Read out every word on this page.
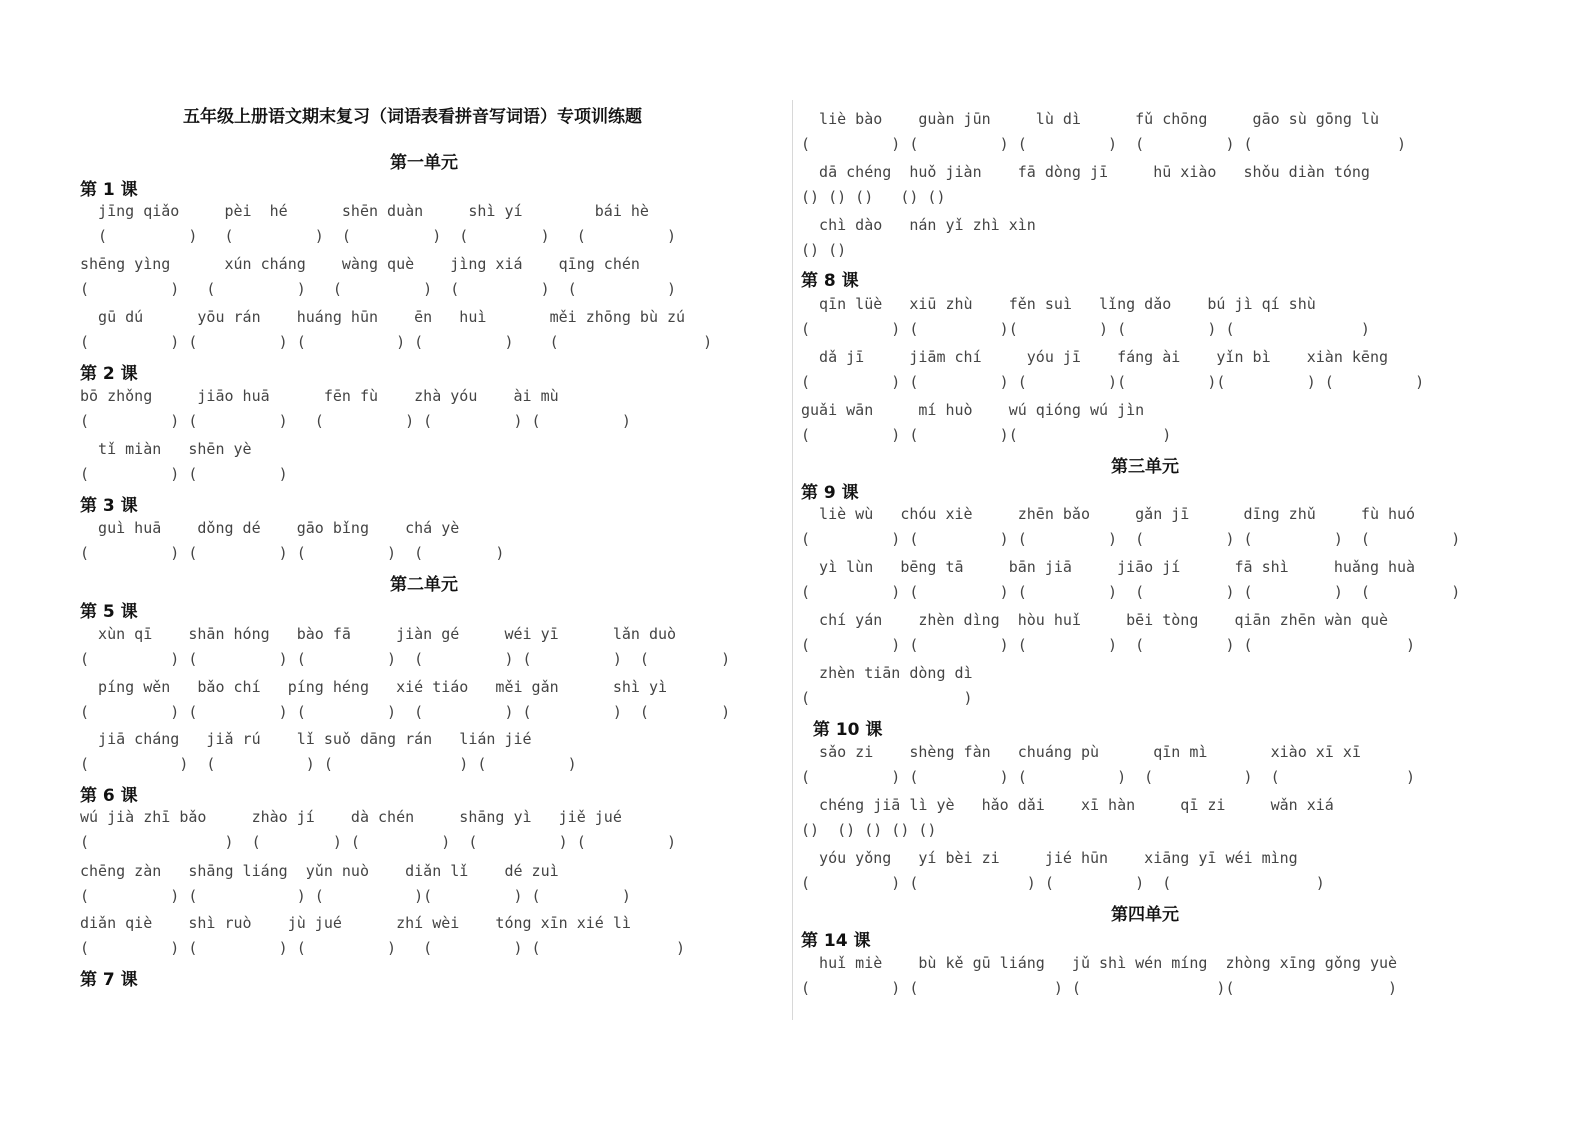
五年级上册语文期末复习（词语表看拼音写词语）专项训练题
第一单元
第 1 课
jīng qiǎo     pèi  hé      shēn duàn     shì yí        bái hè
(         )   (         )  (         )  (        )   (         )
shēng yìng      xún cháng    wàng què    jìng xiá    qīng chén
(         )   (         )   (         )  (         )  (          )
gū dú      yōu rán    huáng hūn    ēn   huì       měi zhōng bù zú
(         ) (         ) (          ) (         )    (                )
第 2 课
bō zhǒng     jiāo huā      fēn fù    zhà yóu    ài mù
(         ) (         )   (         ) (         ) (         )
tǐ miàn   shēn yè
(         ) (         )
第 3 课
guì huā    dǒng dé    gāo bǐng    chá yè
(         ) (         ) (         )  (        )
第二单元
第 5 课
xùn qī    shān hóng   bào fā     jiàn gé     wéi yī      lǎn duò
(         ) (         ) (         )  (         ) (         )  (        )
píng wěn   bǎo chí   píng héng   xié tiáo   měi gǎn      shì yì
(         ) (         ) (         )  (         ) (         )  (        )
jiā cháng   jiǎ rú    lǐ suǒ dāng rán   lián jié
(          )  (          ) (              ) (         )
第 6 课
wú jià zhī bǎo     zhào jí    dà chén     shāng yì   jiě jué
(               )  (        ) (         )  (         ) (         )
chēng zàn   shāng liáng  yǔn nuò    diǎn lǐ    dé zuì
(         ) (           ) (          )(         ) (         )
diǎn qiè    shì ruò    jù jué      zhí wèi    tóng xīn xié lì
(         ) (         ) (         )   (         ) (               )
第 7 课
liè bào    guàn jūn     lù dì      fǔ chōng     gāo sù gōng lù
(         ) (         ) (         )  (         ) (                )
dā chéng  huǒ jiàn    fā dòng jī     hū xiào   shǒu diàn tóng
() () ()   () ()
chì dào   nán yǐ zhì xìn
() ()
第 8 课
qīn lüè   xiū zhù    fěn suì   lǐng dǎo    bú jì qí shù
(         ) (         )(         ) (         ) (              )
dǎ jī     jiām chí     yóu jī    fáng ài    yǐn bì    xiàn kēng
(         ) (         ) (         )(         )(         ) (         )
guǎi wān     mí huò    wú qióng wú jìn
(         ) (         )(                )
第三单元
第 9 课
liè wù   chóu xiè     zhēn bǎo     gǎn jī      dīng zhǔ     fù huó
(         ) (         ) (         )  (         ) (         )  (         )
yì lùn   bēng tā     bān jiā     jiāo jí      fā shì     huǎng huà
(         ) (         ) (         )  (         ) (         )  (         )
chí yán    zhèn dìng  hòu huǐ     bēi tòng    qiān zhēn wàn què
(         ) (         ) (         )  (         ) (                 )
zhèn tiān dòng dì
(                 )
第 10 课
sǎo zi    shèng fàn   chuáng pù      qīn mì       xiào xī xī
(         ) (         ) (          )  (          )  (              )
chéng jiā lì yè   hǎo dǎi    xī hàn     qī zi     wǎn xiá
()  () () () ()
yóu yǒng   yí bèi zi     jié hūn    xiāng yī wéi mìng
(         ) (            ) (         )  (                )
第四单元
第 14 课
huǐ miè    bù kě gū liáng   jǔ shì wén míng  zhòng xīng gǒng yuè
(         ) (               ) (               )(                 )
